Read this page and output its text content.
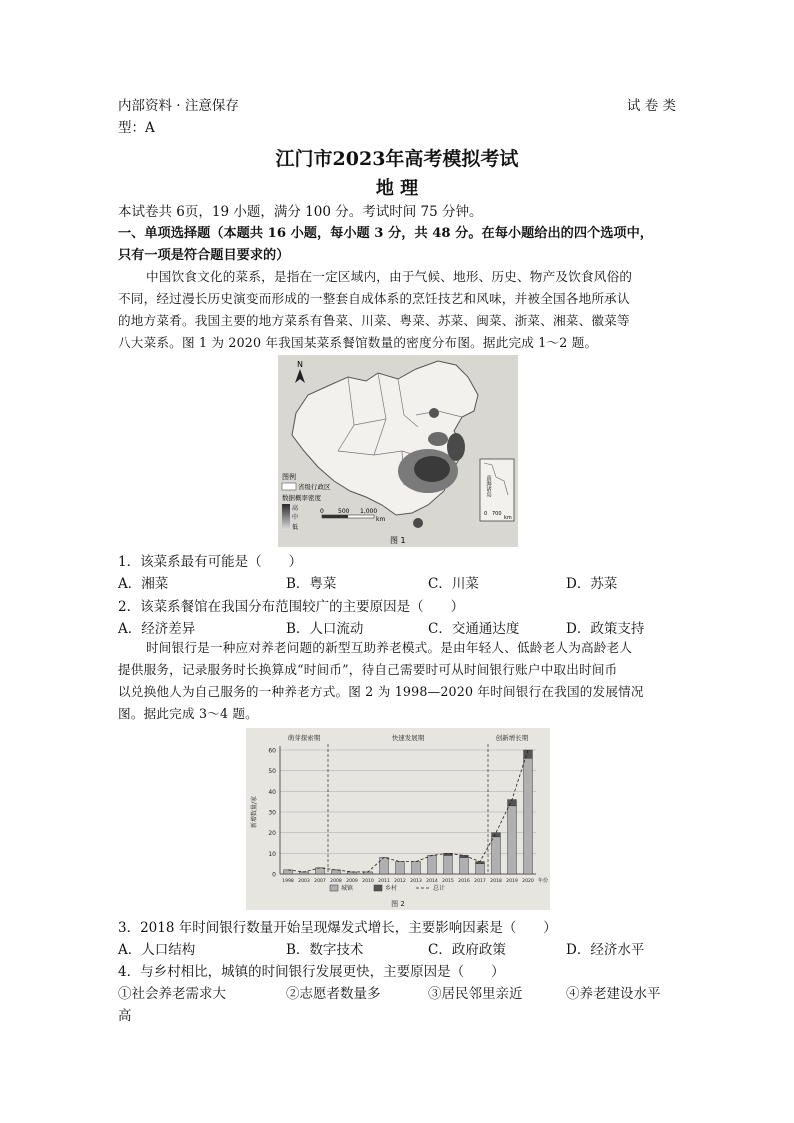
内部资料 · 注意保存	试 卷 类
型：A
江门市2023年高考模拟考试
地 理
本试卷共 6页，19 小题，满分 100 分。考试时间 75 分钟。
一、单项选择题（本题共 16 小题，每小题 3 分，共 48 分。在每小题给出的四个选项中，
只有一项是符合题目要求的）
中国饮食文化的菜系，是指在一定区域内，由于气候、地形、历史、物产及饮食风俗的
不同，经过漫长历史演变而形成的一整套自成体系的烹饪技艺和风味，并被全国各地所承认
的地方菜肴。我国主要的地方菜系有鲁菜、川菜、粤菜、苏菜、闽菜、浙菜、湘菜、徽菜等
八大菜系。图 1 为 2020 年我国某菜系餐馆数量的密度分布图。据此完成 1～2 题。
N
图例
省级行政区
数据概率密度
高
中
低
0 500 1,000
km
南海诸岛
0 700
km
图 1
1．该菜系最有可能是（　　）
A．湘菜	B．粤菜	C．川菜	D．苏菜
2．该菜系餐馆在我国分布范围较广的主要原因是（　　）
A．经济差异	B．人口流动	C．交通通达度	D．政策支持
时间银行是一种应对养老问题的新型互助养老模式。是由年轻人、低龄老人为高龄老人
提供服务，记录服务时长换算成“时间币”，待自己需要时可从时间银行账户中取出时间币
以兑换他人为自己服务的一种养老方式。图 2 为 1998—2020 年时间银行在我国的发展情况
图。据此完成 3～4 题。
0
10
20
30
40
50
60
新增数量/家
萌芽探索期	快速发展期	创新增长期
1998 2003 2007 2008 2009 2010 2011 2012 2013 2014 2015 2016 2017 2018 2019 2020 年份
城镇	乡村	总计
图 2
3．2018 年时间银行数量开始呈现爆发式增长，主要影响因素是（　　）
A．人口结构	B．数字技术	C．政府政策	D．经济水平
4．与乡村相比，城镇的时间银行发展更快，主要原因是（　　）
①社会养老需求大	②志愿者数量多	③居民邻里亲近	④养老建设水平
高
